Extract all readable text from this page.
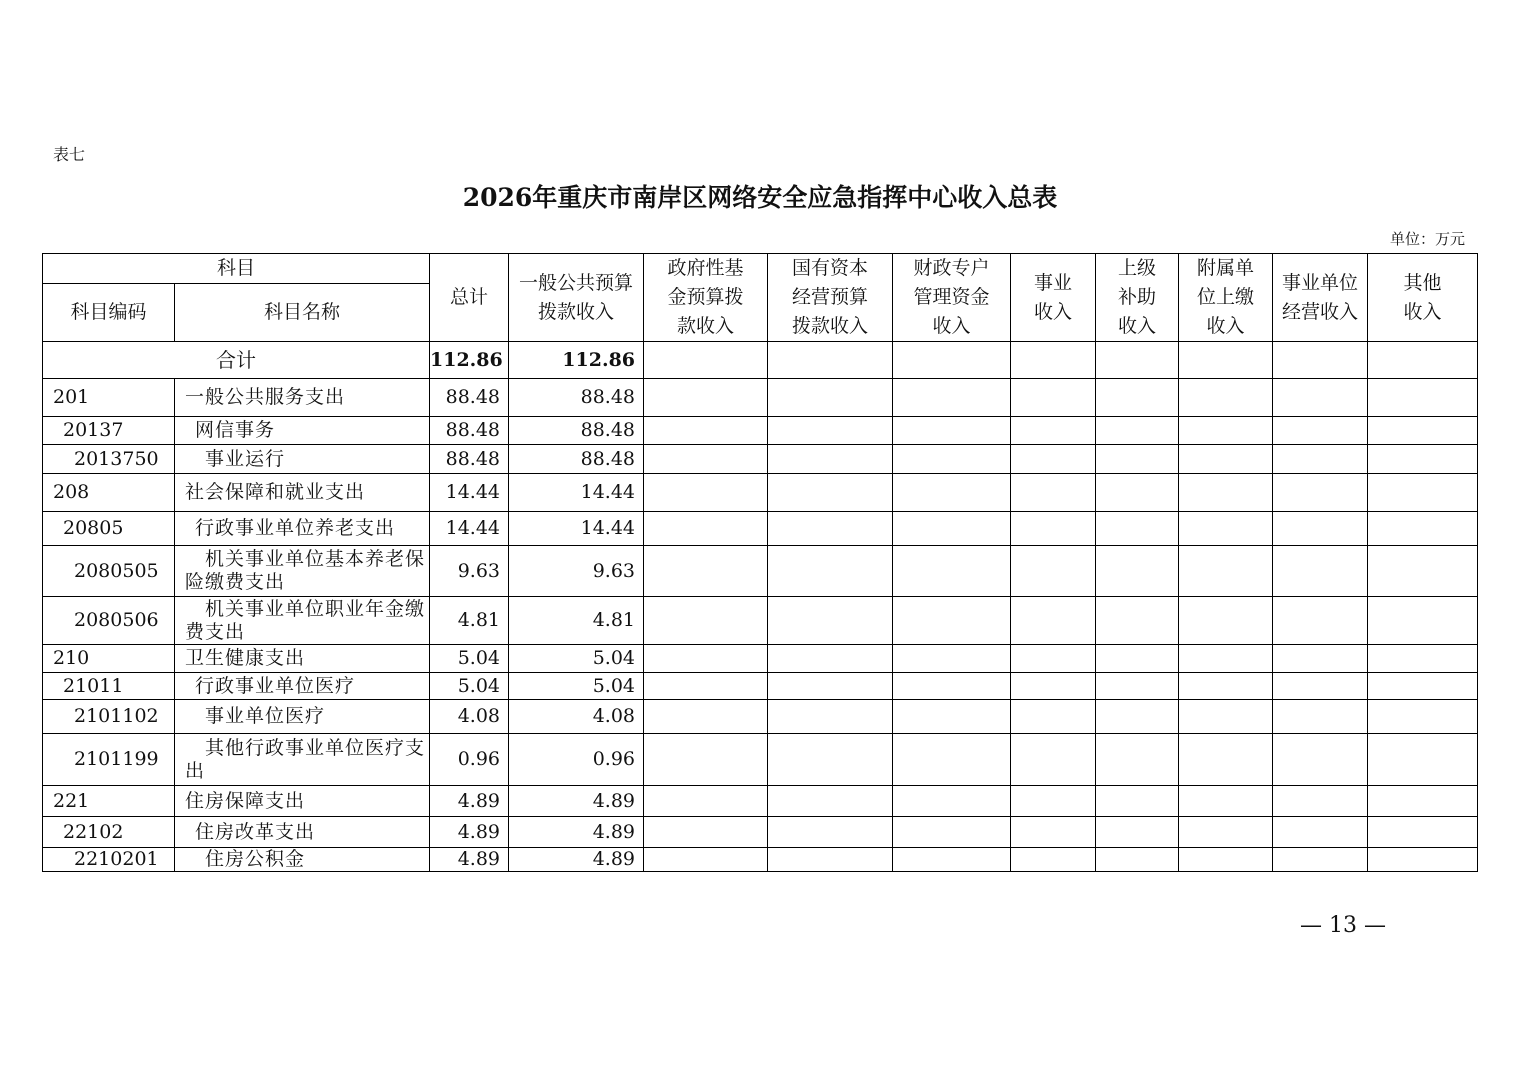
表七
2026年重庆市南岸区网络安全应急指挥中心收入总表
单位：万元
科目		总计	一般公共预算拨款收入	政府性基金预算拨款收入	国有资本经营预算拨款收入	财政专户管理资金收入	事业收入	上级补助收入	附属单位上缴收入	事业单位经营收入	其他收入
科目编码	科目名称										
合计		112.86	112.86								
201	一般公共服务支出	88.48	88.48								
20137	网信事务	88.48	88.48								
2013750	事业运行	88.48	88.48								
208	社会保障和就业支出	14.44	14.44								
20805	行政事业单位养老支出	14.44	14.44								
2080505	机关事业单位基本养老保险缴费支出	9.63	9.63								
2080506	机关事业单位职业年金缴费支出	4.81	4.81								
210	卫生健康支出	5.04	5.04								
21011	行政事业单位医疗	5.04	5.04								
2101102	事业单位医疗	4.08	4.08								
2101199	其他行政事业单位医疗支出	0.96	0.96								
221	住房保障支出	4.89	4.89								
22102	住房改革支出	4.89	4.89								
2210201	住房公积金	4.89	4.89								
— 13 —
